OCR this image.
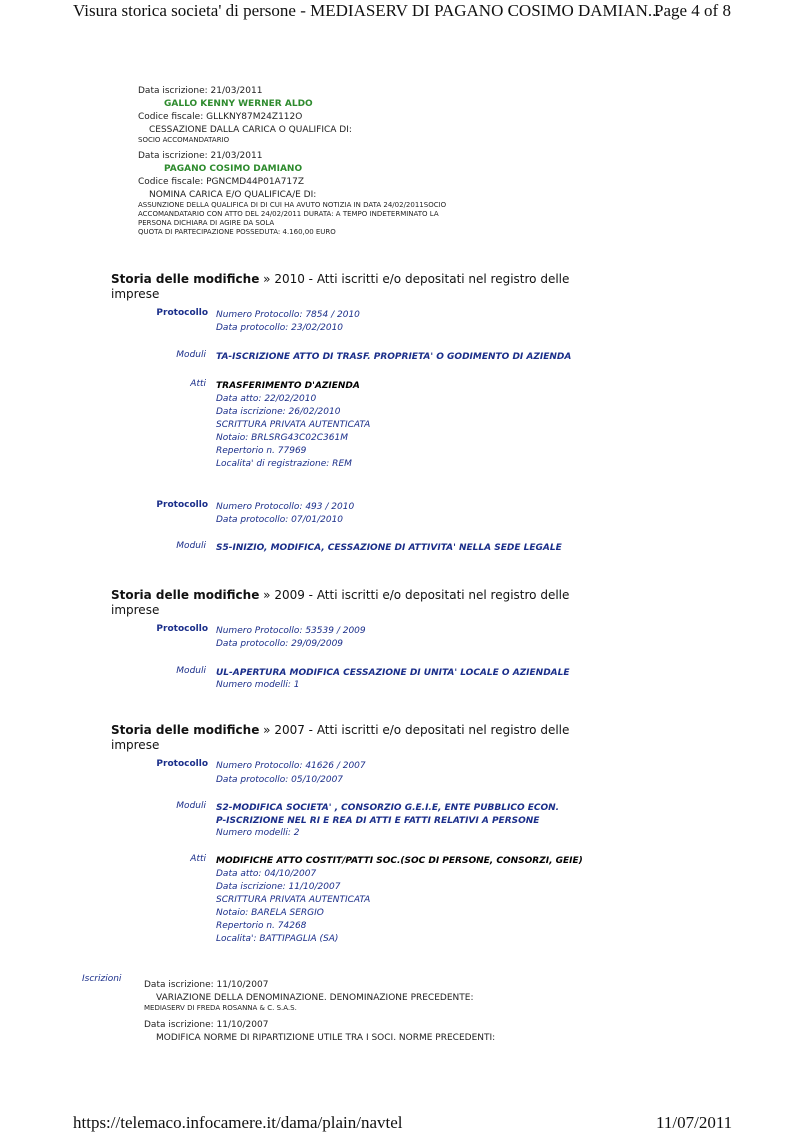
Visura storica societa' di persone - MEDIASERV DI PAGANO COSIMO DAMIAN...
Page 4 of 8
https://telemaco.infocamere.it/dama/plain/navtel	11/07/2011
Data iscrizione: 21/03/2011
GALLO KENNY WERNER ALDO
Codice fiscale: GLLKNY87M24Z112O
CESSAZIONE DALLA CARICA O QUALIFICA DI:
SOCIO ACCOMANDATARIO
Data iscrizione: 21/03/2011
PAGANO COSIMO DAMIANO
Codice fiscale: PGNCMD44P01A717Z
NOMINA CARICA E/O QUALIFICA/E DI:
ASSUNZIONE DELLA QUALIFICA DI DI CUI HA AVUTO NOTIZIA IN DATA 24/02/2011SOCIO
ACCOMANDATARIO CON ATTO DEL 24/02/2011 DURATA: A TEMPO INDETERMINATO LA
PERSONA DICHIARA DI AGIRE DA SOLA
QUOTA DI PARTECIPAZIONE POSSEDUTA: 4.160,00 EURO
Storia delle modifiche » 2010 - Atti iscritti e/o depositati nel registro delle
imprese
Protocollo Numero Protocollo: 7854 / 2010
Data protocollo: 23/02/2010
Moduli TA-ISCRIZIONE ATTO DI TRASF. PROPRIETA' O GODIMENTO DI AZIENDA
Atti TRASFERIMENTO D'AZIENDA
Data atto: 22/02/2010
Data iscrizione: 26/02/2010
SCRITTURA PRIVATA AUTENTICATA
Notaio: BRLSRG43C02C361M
Repertorio n. 77969
Localita' di registrazione: REM
Protocollo Numero Protocollo: 493 / 2010
Data protocollo: 07/01/2010
Moduli S5-INIZIO, MODIFICA, CESSAZIONE DI ATTIVITA' NELLA SEDE LEGALE
Storia delle modifiche » 2009 - Atti iscritti e/o depositati nel registro delle
imprese
Protocollo Numero Protocollo: 53539 / 2009
Data protocollo: 29/09/2009
Moduli UL-APERTURA MODIFICA CESSAZIONE DI UNITA' LOCALE O AZIENDALE
Numero modelli: 1
Storia delle modifiche » 2007 - Atti iscritti e/o depositati nel registro delle
imprese
Protocollo Numero Protocollo: 41626 / 2007
Data protocollo: 05/10/2007
Moduli S2-MODIFICA SOCIETA' , CONSORZIO G.E.I.E, ENTE PUBBLICO ECON.
P-ISCRIZIONE NEL RI E REA DI ATTI E FATTI RELATIVI A PERSONE
Numero modelli: 2
Atti MODIFICHE ATTO COSTIT/PATTI SOC.(SOC DI PERSONE, CONSORZI, GEIE)
Data atto: 04/10/2007
Data iscrizione: 11/10/2007
SCRITTURA PRIVATA AUTENTICATA
Notaio: BARELA SERGIO
Repertorio n. 74268
Localita': BATTIPAGLIA (SA)
Iscrizioni
Data iscrizione: 11/10/2007
VARIAZIONE DELLA DENOMINAZIONE. DENOMINAZIONE PRECEDENTE:
MEDIASERV DI FREDA ROSANNA & C. S.A.S.
Data iscrizione: 11/10/2007
MODIFICA NORME DI RIPARTIZIONE UTILE TRA I SOCI. NORME PRECEDENTI:
